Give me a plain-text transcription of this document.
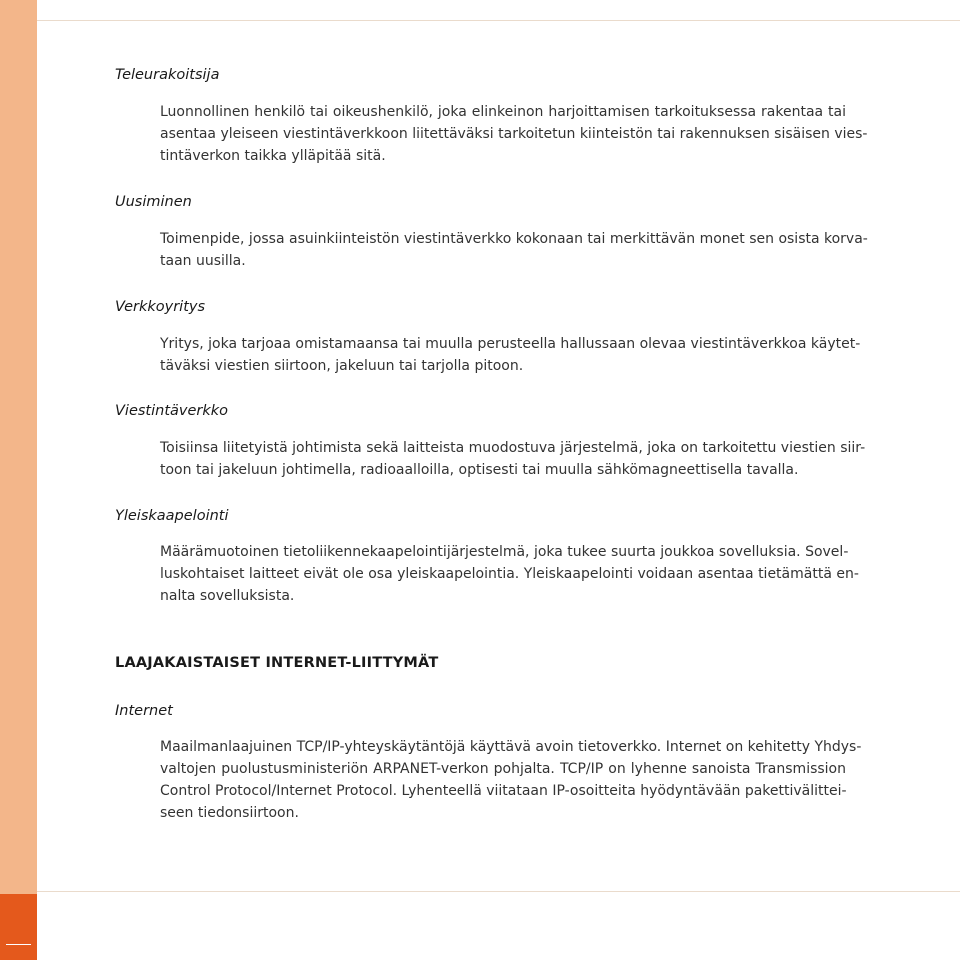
Teleurakoitsija
Luonnollinen henkilö tai oikeushenkilö, joka elinkeinon harjoittamisen tarkoituksessa rakentaa tai
asentaa yleiseen viestintäverkkoon liitettäväksi tarkoitetun kiinteistön tai rakennuksen sisäisen vies-
tintäverkon taikka ylläpitää sitä.
Uusiminen
Toimenpide, jossa asuinkiinteistön viestintäverkko kokonaan tai merkittävän monet sen osista korva-
taan uusilla.
Verkkoyritys
Yritys, joka tarjoaa omistamaansa tai muulla perusteella hallussaan olevaa viestintäverkkoa käytet-
täväksi viestien siirtoon, jakeluun tai tarjolla pitoon.
Viestintäverkko
Toisiinsa liitetyistä johtimista sekä laitteista muodostuva järjestelmä, joka on tarkoitettu viestien siir-
toon tai jakeluun johtimella, radioaalloilla, optisesti tai muulla sähkömagneettisella tavalla.
Yleiskaapelointi
Määrämuotoinen tietoliikennekaapelointijärjestelmä, joka tukee suurta joukkoa sovelluksia. Sovel-
luskohtaiset laitteet eivät ole osa yleiskaapelointia. Yleiskaapelointi voidaan asentaa tietämättä en-
nalta sovelluksista.
LAAJAKAISTAISET INTERNET-LIITTYMÄT
Internet
Maailmanlaajuinen TCP/IP-yhteyskäytäntöjä käyttävä avoin tietoverkko. Internet on kehitetty Yhdys-
valtojen puolustusministeriön ARPANET-verkon pohjalta. TCP/IP on lyhenne sanoista Transmission
Control Protocol/Internet Protocol. Lyhenteellä viitataan IP-osoitteita hyödyntävään pakettivälittei-
seen tiedonsiirtoon.
